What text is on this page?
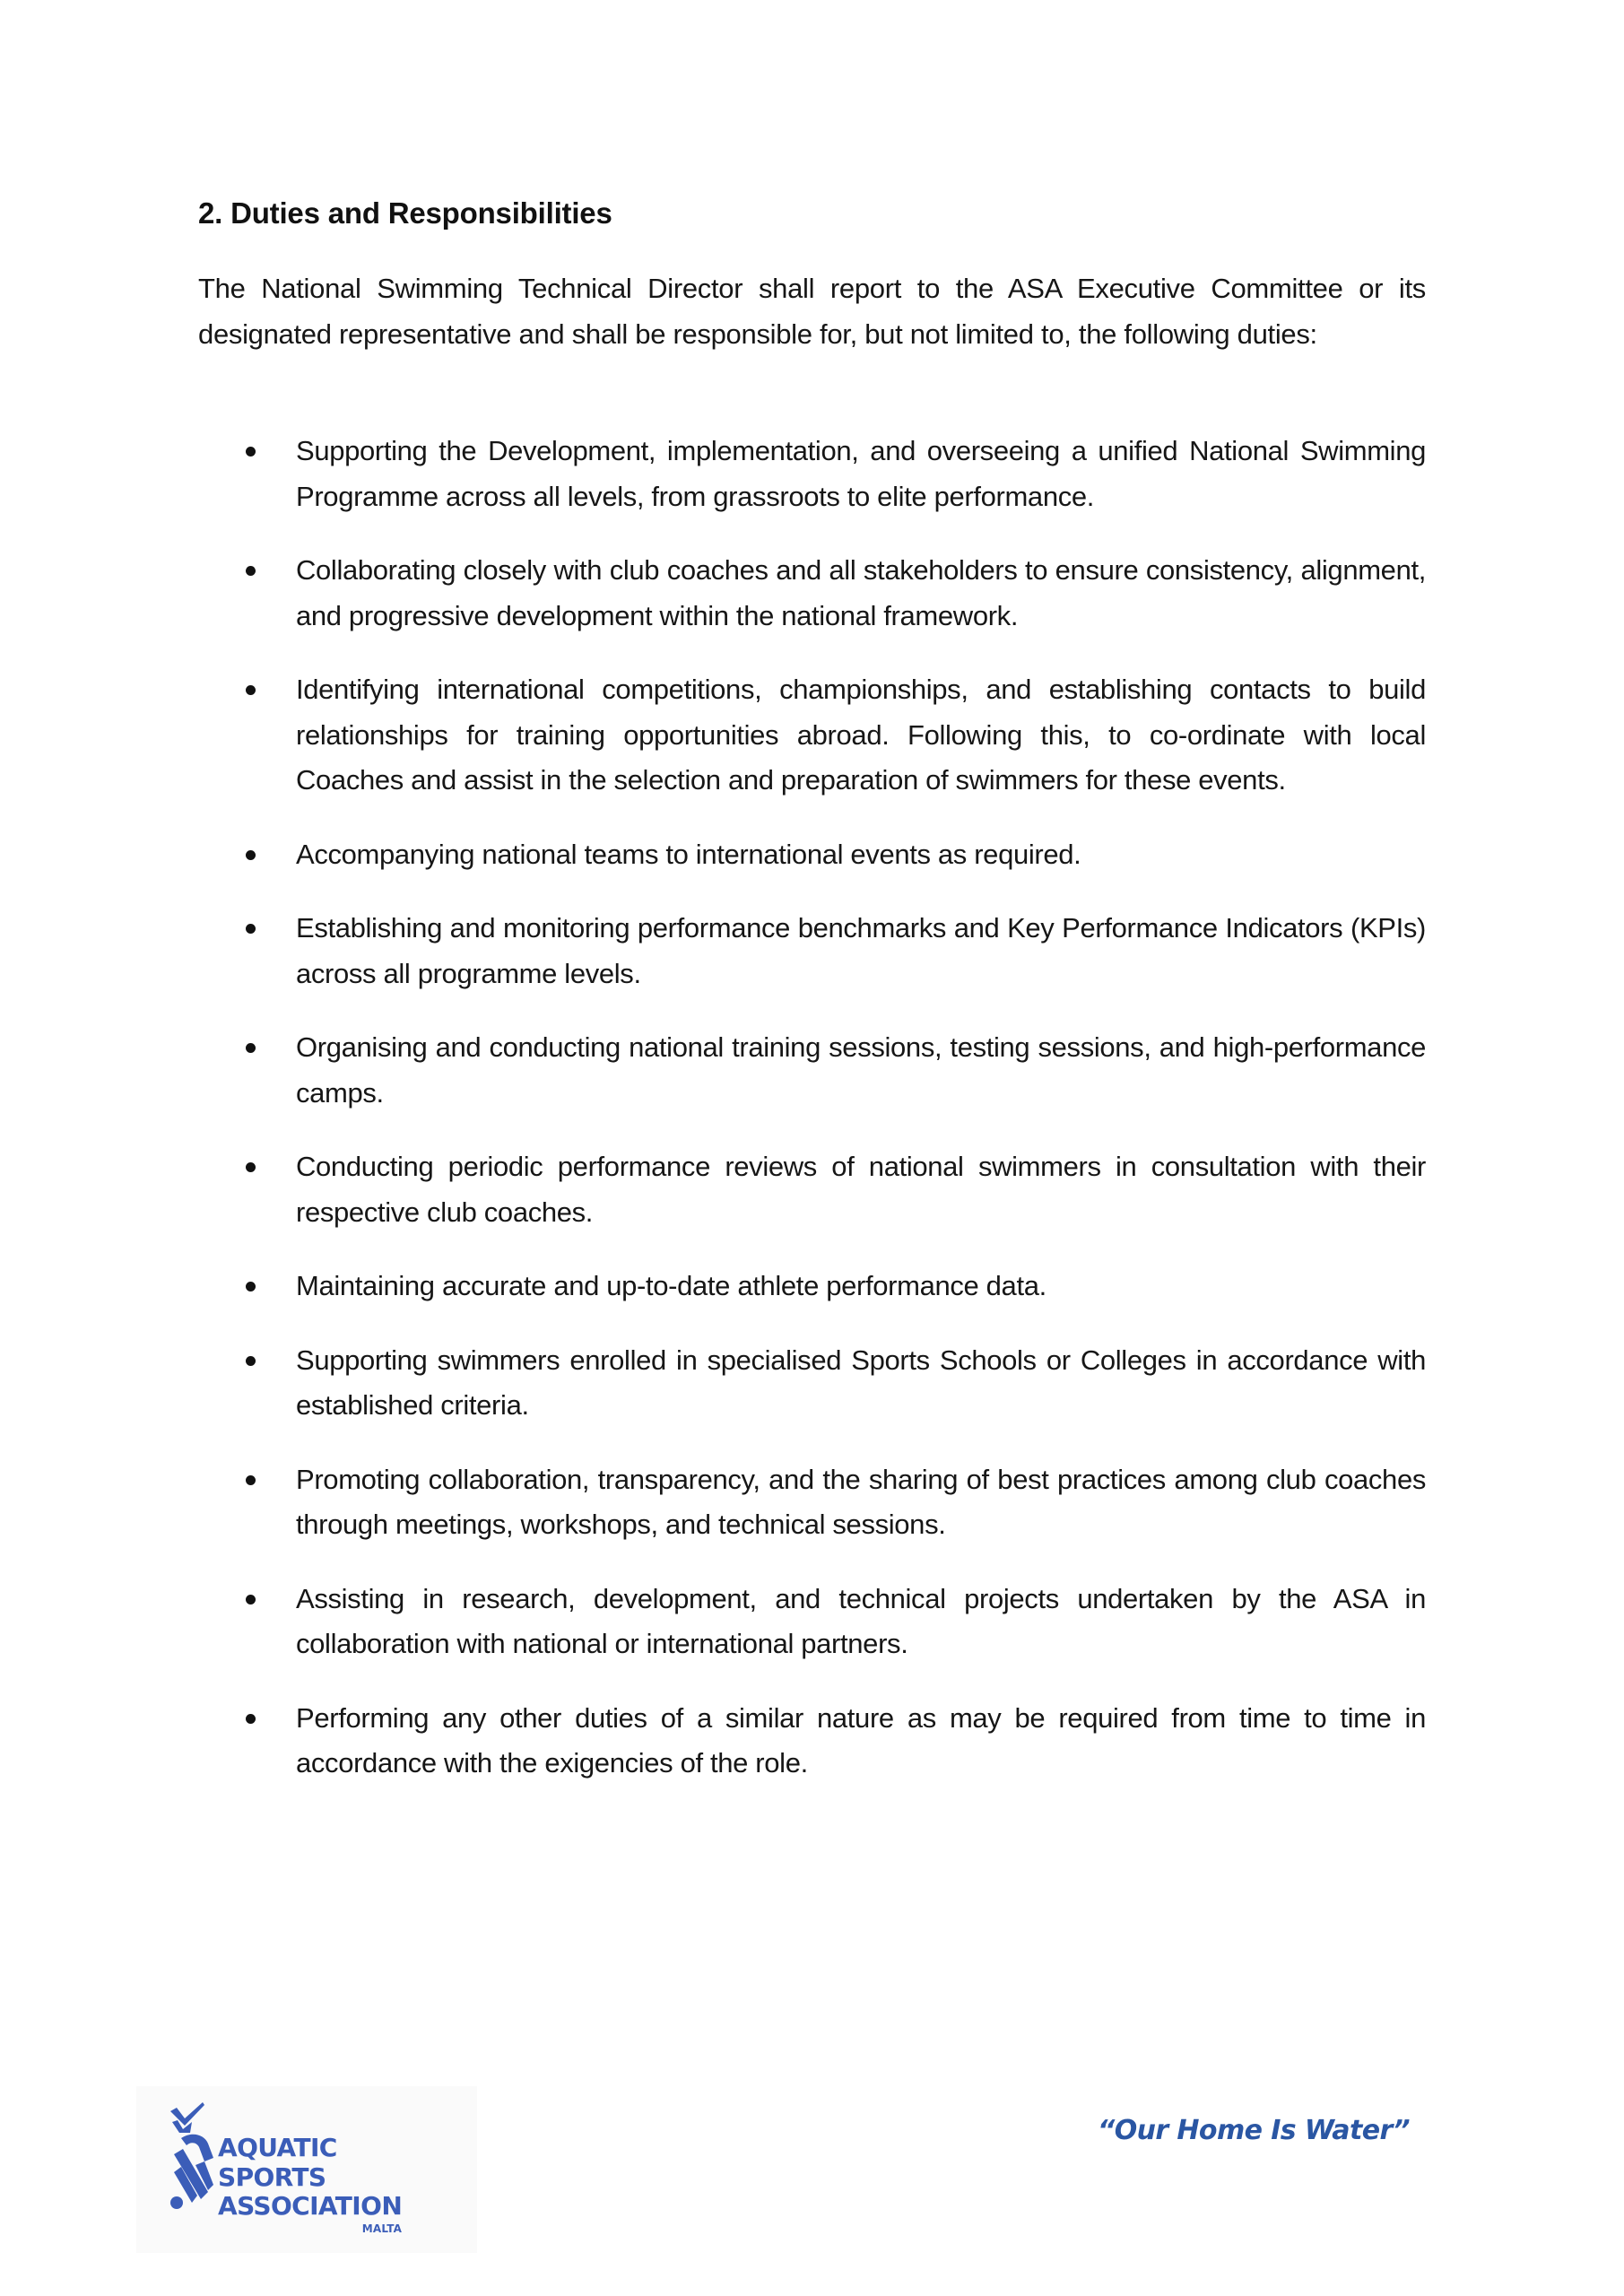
2. Duties and Responsibilities

The National Swimming Technical Director shall report to the ASA Executive Committee or its designated representative and shall be responsible for, but not limited to, the following duties:

Supporting the Development, implementation, and overseeing a unified National Swimming Programme across all levels, from grassroots to elite performance.
Collaborating closely with club coaches and all stakeholders to ensure consistency, alignment, and progressive development within the national framework.
Identifying international competitions, championships, and establishing contacts to build relationships for training opportunities abroad. Following this, to co-ordinate with local Coaches and assist in the selection and preparation of swimmers for these events.
Accompanying national teams to international events as required.
Establishing and monitoring performance benchmarks and Key Performance Indicators (KPIs) across all programme levels.
Organising and conducting national training sessions, testing sessions, and high-performance camps.
Conducting periodic performance reviews of national swimmers in consultation with their respective club coaches.
Maintaining accurate and up-to-date athlete performance data.
Supporting swimmers enrolled in specialised Sports Schools or Colleges in accordance with established criteria.
Promoting collaboration, transparency, and the sharing of best practices among club coaches through meetings, workshops, and technical sessions.
Assisting in research, development, and technical projects undertaken by the ASA in collaboration with national or international partners.
Performing any other duties of a similar nature as may be required from time to time in accordance with the exigencies of the role.
AQUATIC
SPORTS
ASSOCIATION
MALTA

“Our Home Is Water”
